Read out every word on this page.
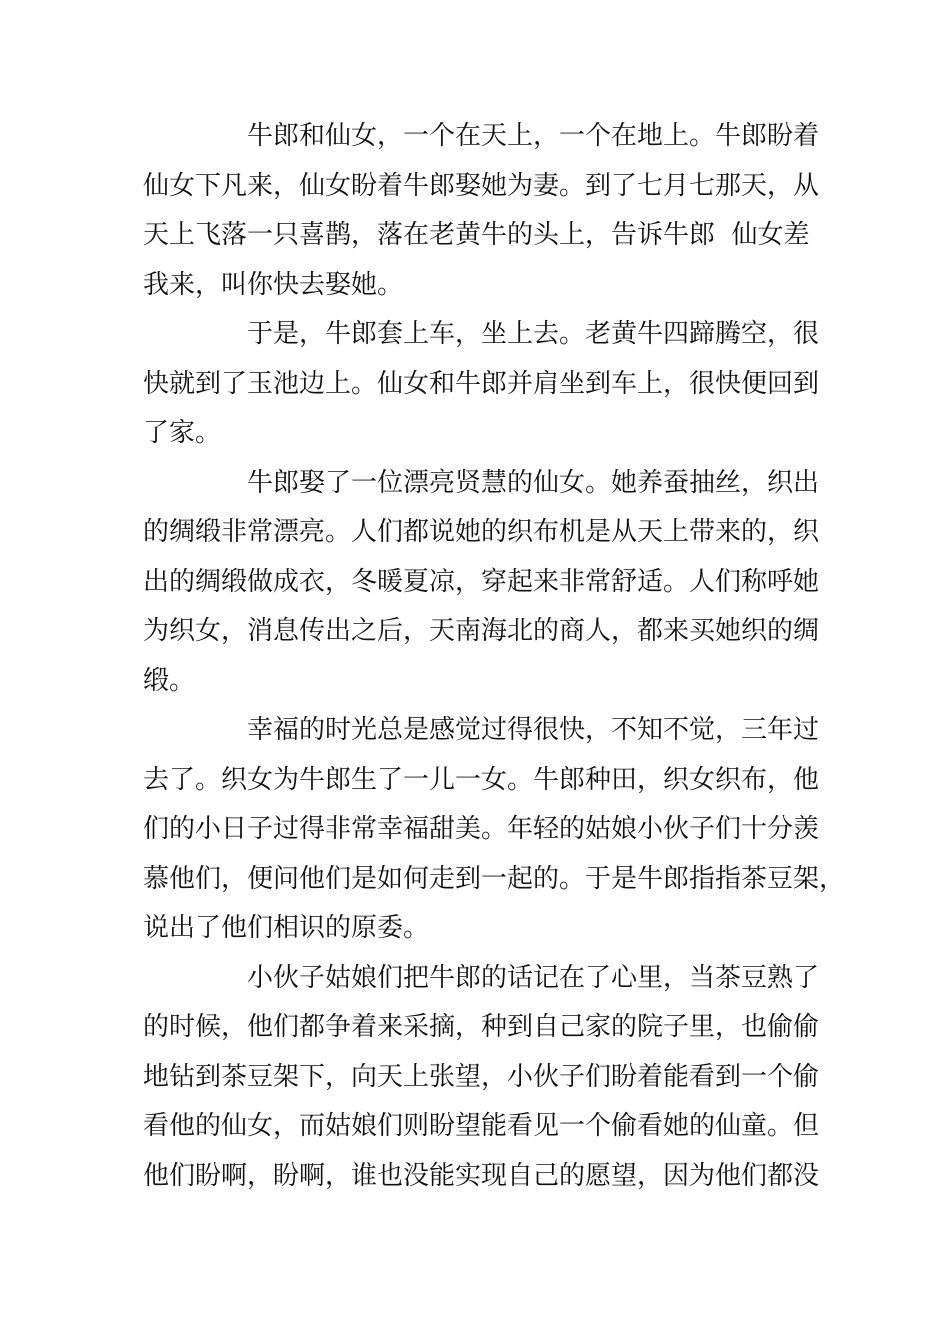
牛郎和仙女，一个在天上，一个在地上。牛郎盼着
仙女下凡来，仙女盼着牛郎娶她为妻。到了七月七那天，从
天上飞落一只喜鹊，落在老黄牛的头上，告诉牛郎  仙女差
我来，叫你快去娶她。

于是，牛郎套上车，坐上去。老黄牛四蹄腾空，很
快就到了玉池边上。仙女和牛郎并肩坐到车上，很快便回到
了家。

牛郎娶了一位漂亮贤慧的仙女。她养蚕抽丝，织出
的绸缎非常漂亮。人们都说她的织布机是从天上带来的，织
出的绸缎做成衣，冬暖夏凉，穿起来非常舒适。人们称呼她
为织女，消息传出之后，天南海北的商人，都来买她织的绸
缎。

幸福的时光总是感觉过得很快，不知不觉，三年过
去了。织女为牛郎生了一儿一女。牛郎种田，织女织布，他
们的小日子过得非常幸福甜美。年轻的姑娘小伙子们十分羡
慕他们，便问他们是如何走到一起的。于是牛郎指指茶豆架，
说出了他们相识的原委。

小伙子姑娘们把牛郎的话记在了心里，当茶豆熟了
的时候，他们都争着来采摘，种到自己家的院子里，也偷偷
地钻到茶豆架下，向天上张望，小伙子们盼着能看到一个偷
看他的仙女，而姑娘们则盼望能看见一个偷看她的仙童。但
他们盼啊，盼啊，谁也没能实现自己的愿望，因为他们都没
